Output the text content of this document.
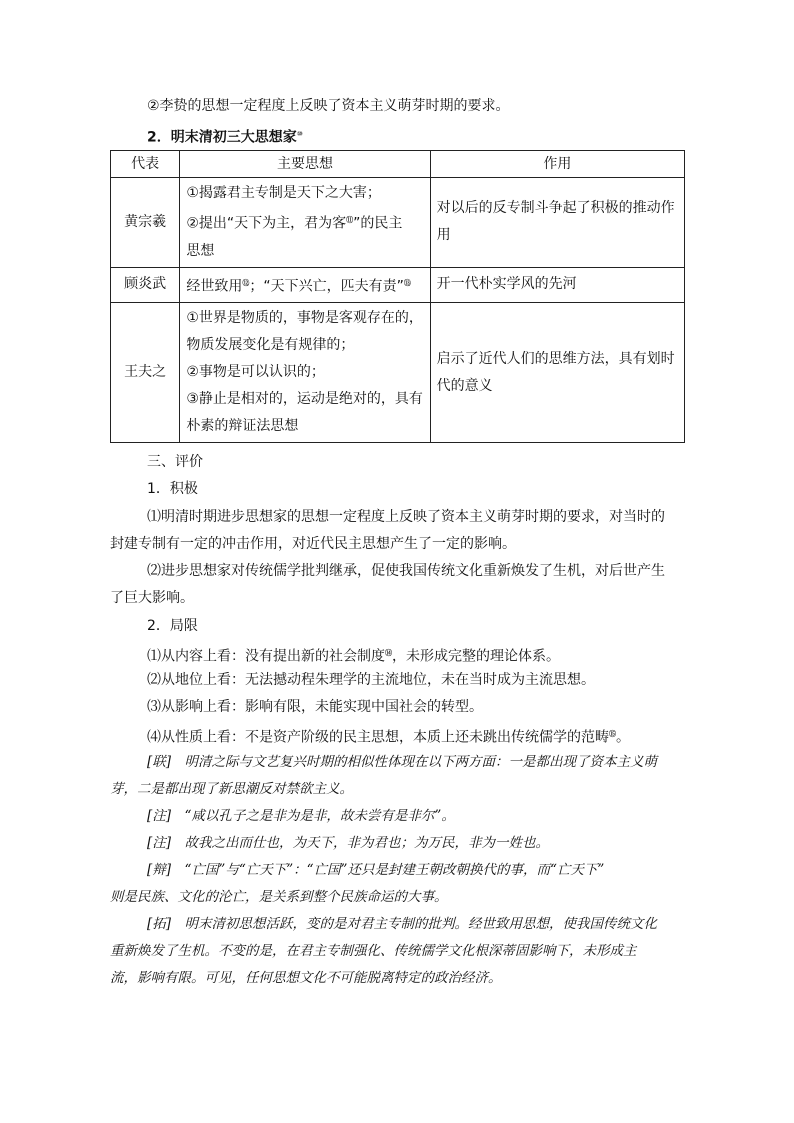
②李贽的思想一定程度上反映了资本主义萌芽时期的要求。
2．明末清初三大思想家⑩
代表	主要思想	作用
黄宗羲	①揭露君主专制是天下之大害；
②提出“天下为主，君为客⑪”的民主
思想	对以后的反专制斗争起了积极的推动作用
顾炎武	经世致用⑫；“天下兴亡，匹夫有责”⑬	开一代朴实学风的先河
王夫之	①世界是物质的，事物是客观存在的，
物质发展变化是有规律的；
②事物是可以认识的；
③静止是相对的，运动是绝对的，具有
朴素的辩证法思想	启示了近代人们的思维方法，具有划时代的意义
三、评价
1．积极
⑴明清时期进步思想家的思想一定程度上反映了资本主义萌芽时期的要求，对当时的
封建专制有一定的冲击作用，对近代民主思想产生了一定的影响。
⑵进步思想家对传统儒学批判继承，促使我国传统文化重新焕发了生机，对后世产生
了巨大影响。
2．局限
⑴从内容上看：没有提出新的社会制度⑭，未形成完整的理论体系。
⑵从地位上看：无法撼动程朱理学的主流地位，未在当时成为主流思想。
⑶从影响上看：影响有限，未能实现中国社会的转型。
⑷从性质上看：不是资产阶级的民主思想，本质上还未跳出传统儒学的范畴⑮。
[联]　明清之际与文艺复兴时期的相似性体现在以下两方面：一是都出现了资本主义萌
芽，二是都出现了新思潮反对禁欲主义。
[注]　“咸以孔子之是非为是非，故未尝有是非尔”。
[注]　故我之出而仕也，为天下，非为君也；为万民，非为一姓也。
[辩]　“亡国”与“亡天下”：“亡国”还只是封建王朝改朝换代的事，而“亡天下”
则是民族、文化的沦亡，是关系到整个民族命运的大事。
[拓]　明末清初思想活跃，变的是对君主专制的批判。经世致用思想，使我国传统文化
重新焕发了生机。不变的是，在君主专制强化、传统儒学文化根深蒂固影响下，未形成主
流，影响有限。可见，任何思想文化不可能脱离特定的政治经济。
